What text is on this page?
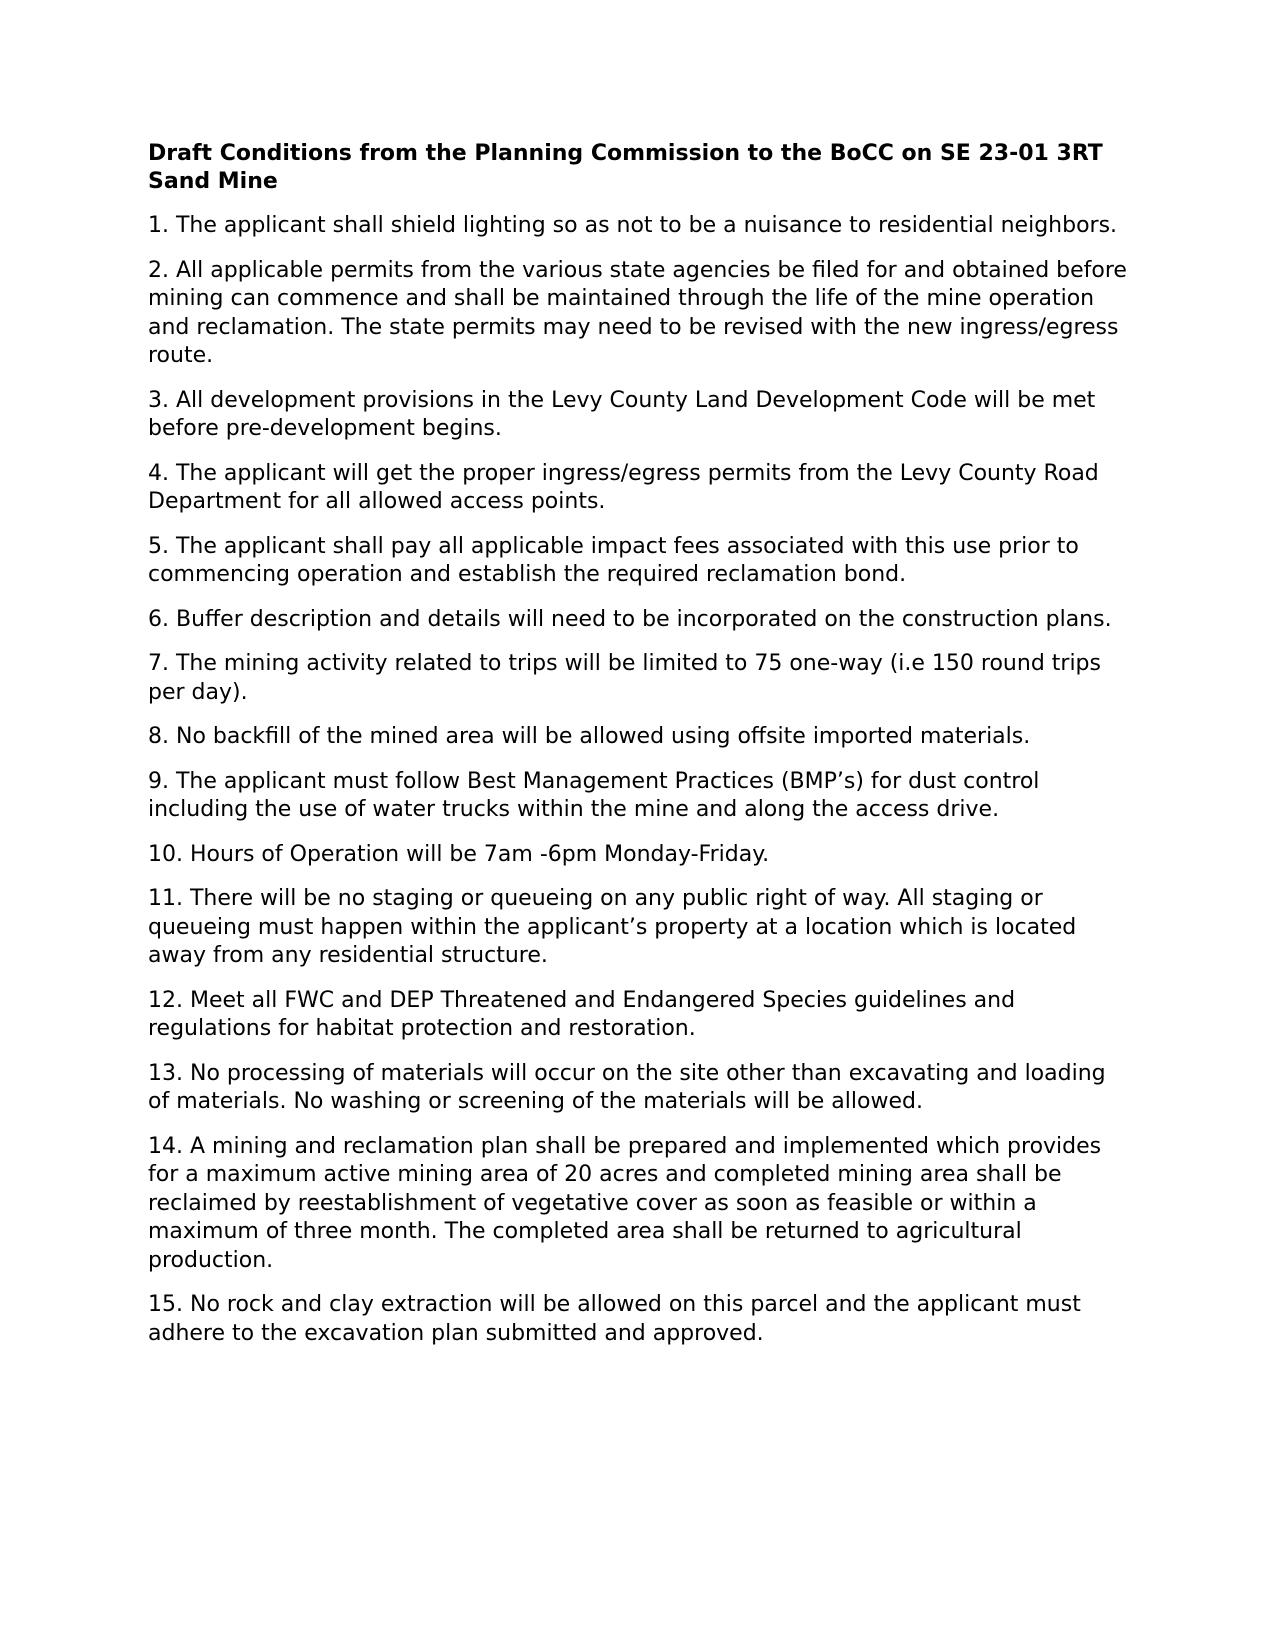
Draft Conditions from the Planning Commission to the BoCC on SE 23-01 3RT Sand Mine
1. The applicant shall shield lighting so as not to be a nuisance to residential neighbors.
2. All applicable permits from the various state agencies be filed for and obtained before mining can commence and shall be maintained through the life of the mine operation and reclamation. The state permits may need to be revised with the new ingress/egress route.
3. All development provisions in the Levy County Land Development Code will be met before pre-development begins.
4. The applicant will get the proper ingress/egress permits from the Levy County Road Department for all allowed access points.
5. The applicant shall pay all applicable impact fees associated with this use prior to commencing operation and establish the required reclamation bond.
6. Buffer description and details will need to be incorporated on the construction plans.
7. The mining activity related to trips will be limited to 75 one-way (i.e 150 round trips per day).
8. No backfill of the mined area will be allowed using offsite imported materials.
9. The applicant must follow Best Management Practices (BMP’s) for dust control including the use of water trucks within the mine and along the access drive.
10. Hours of Operation will be 7am -6pm Monday-Friday.
11. There will be no staging or queueing on any public right of way. All staging or queueing must happen within the applicant’s property at a location which is located away from any residential structure.
12. Meet all FWC and DEP Threatened and Endangered Species guidelines and regulations for habitat protection and restoration.
13. No processing of materials will occur on the site other than excavating and loading of materials. No washing or screening of the materials will be allowed.
14. A mining and reclamation plan shall be prepared and implemented which provides for a maximum active mining area of 20 acres and completed mining area shall be reclaimed by reestablishment of vegetative cover as soon as feasible or within a maximum of three month. The completed area shall be returned to agricultural production.
15. No rock and clay extraction will be allowed on this parcel and the applicant must adhere to the excavation plan submitted and approved.
